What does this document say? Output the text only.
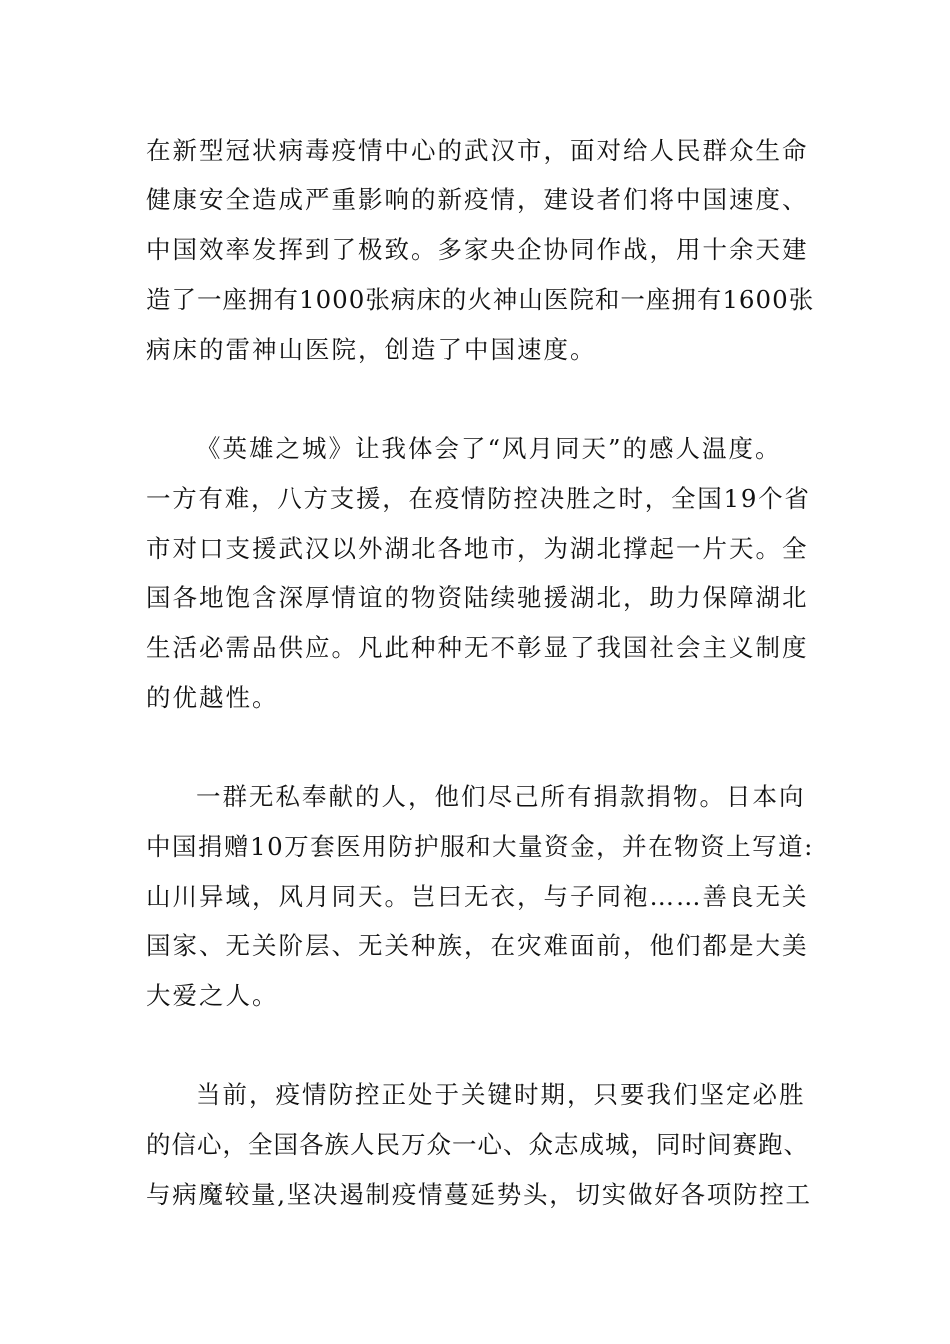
在新型冠状病毒疫情中心的武汉市，面对给人民群众生命
健康安全造成严重影响的新疫情，建设者们将中国速度、
中国效率发挥到了极致。多家央企协同作战，用十余天建
造了一座拥有1000张病床的火神山医院和一座拥有1600张
病床的雷神山医院，创造了中国速度。
《英雄之城》让我体会了“风月同天”的感人温度。
一方有难，八方支援，在疫情防控决胜之时，全国19个省
市对口支援武汉以外湖北各地市，为湖北撑起一片天。全
国各地饱含深厚情谊的物资陆续驰援湖北，助力保障湖北
生活必需品供应。凡此种种无不彰显了我国社会主义制度
的优越性。
一群无私奉献的人，他们尽己所有捐款捐物。日本向
中国捐赠10万套医用防护服和大量资金，并在物资上写道:
山川异域，风月同天。岂曰无衣，与子同袍……善良无关
国家、无关阶层、无关种族，在灾难面前，他们都是大美
大爱之人。
当前，疫情防控正处于关键时期，只要我们坚定必胜
的信心，全国各族人民万众一心、众志成城，同时间赛跑、
与病魔较量,坚决遏制疫情蔓延势头，切实做好各项防控工
